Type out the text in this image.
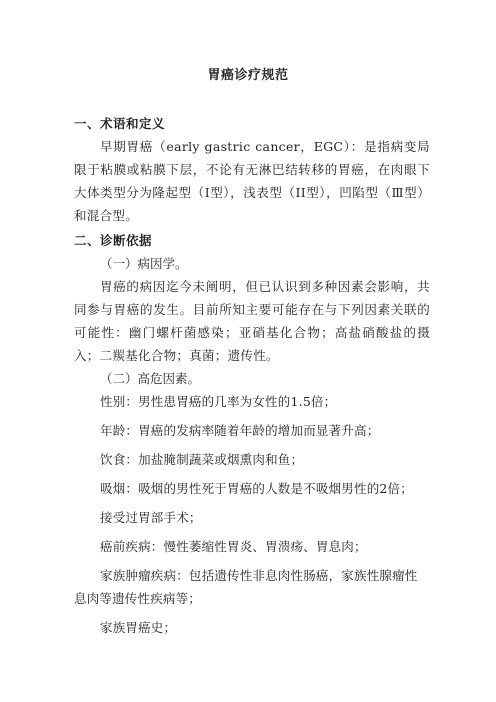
胃癌诊疗规范
一、术语和定义

早期胃癌（early gastric cancer，EGC）：是指病变局限于粘膜或粘膜下层，不论有无淋巴结转移的胃癌，在肉眼下大体类型分为隆起型（I型），浅表型（II型），凹陷型（Ⅲ型）和混合型。

二、诊断依据

（一）病因学。

胃癌的病因迄今未阐明，但已认识到多种因素会影响，共同参与胃癌的发生。目前所知主要可能存在与下列因素关联的可能性：幽门螺杆菌感染；亚硝基化合物；高盐硝酸盐的摄入；二羰基化合物；真菌；遗传性。

（二）高危因素。

性别：男性患胃癌的几率为女性的1.5倍；

年龄：胃癌的发病率随着年龄的增加而显著升高；

饮食：加盐腌制蔬菜或烟熏肉和鱼；

吸烟：吸烟的男性死于胃癌的人数是不吸烟男性的2倍；

接受过胃部手术；

癌前疾病：慢性萎缩性胃炎、胃溃疡、胃息肉；

家族肿瘤疾病：包括遗传性非息肉性肠癌，家族性腺瘤性息肉等遗传性疾病等；

家族胃癌史；
